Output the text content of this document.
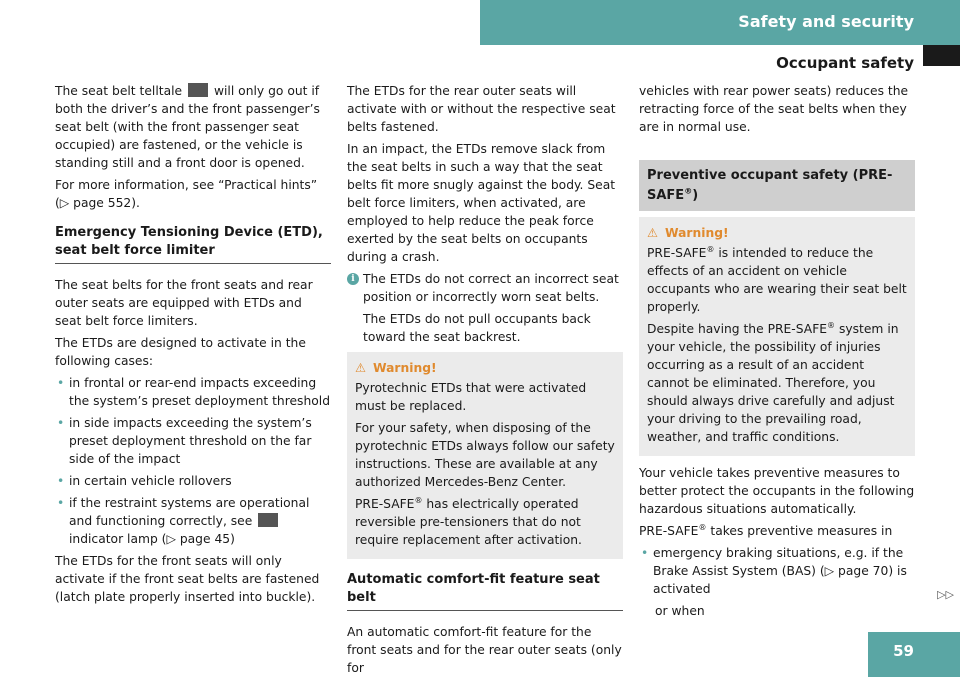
Safety and security
Occupant safety

The seat belt telltale	will only go out if both the driver’s and the front passenger’s seat belt (with the front passenger seat occupied) are fastened, or the vehicle is standing still and a front door is opened.

For more information, see “Practical hints” (▷ page 552).

Emergency Tensioning Device (ETD), seat belt force limiter

The seat belts for the front seats and rear outer seats are equipped with ETDs and seat belt force limiters.

The ETDs are designed to activate in the following cases:

• in frontal or rear-end impacts exceeding the system’s preset deployment threshold
• in side impacts exceeding the system’s preset deployment threshold on the far side of the impact
• in certain vehicle rollovers
• if the restraint systems are operational and functioning correctly, see  indicator lamp (▷ page 45)

The ETDs for the front seats will only activate if the front seat belts are fastened (latch plate properly inserted into buckle).

The ETDs for the rear outer seats will activate with or without the respective seat belts fastened.

In an impact, the ETDs remove slack from the seat belts in such a way that the seat belts fit more snugly against the body. Seat belt force limiters, when activated, are employed to help reduce the peak force exerted by the seat belts on occupants during a crash.

i The ETDs do not correct an incorrect seat position or incorrectly worn seat belts.
The ETDs do not pull occupants back toward the seat backrest.
⚠ Warning!

Pyrotechnic ETDs that were activated must be replaced.

For your safety, when disposing of the pyrotechnic ETDs always follow our safety instructions. These are available at any authorized Mercedes-Benz Center.

PRE-SAFE® has electrically operated reversible pre-tensioners that do not require replacement after activation.

Automatic comfort-fit feature seat belt

An automatic comfort-fit feature for the front seats and for the rear outer seats (only for

vehicles with rear power seats) reduces the retracting force of the seat belts when they are in normal use.

Preventive occupant safety (PRE-SAFE®)
⚠ Warning!

PRE-SAFE® is intended to reduce the effects of an accident on vehicle occupants who are wearing their seat belt properly.

Despite having the PRE-SAFE® system in your vehicle, the possibility of injuries occurring as a result of an accident cannot be eliminated. Therefore, you should always drive carefully and adjust your driving to the prevailing road, weather, and traffic conditions.

Your vehicle takes preventive measures to better protect the occupants in the following hazardous situations automatically.

PRE-SAFE® takes preventive measures in

• emergency braking situations, e.g. if the Brake Assist System (BAS) (▷ page 70) is activated
or when
▷▷
59
